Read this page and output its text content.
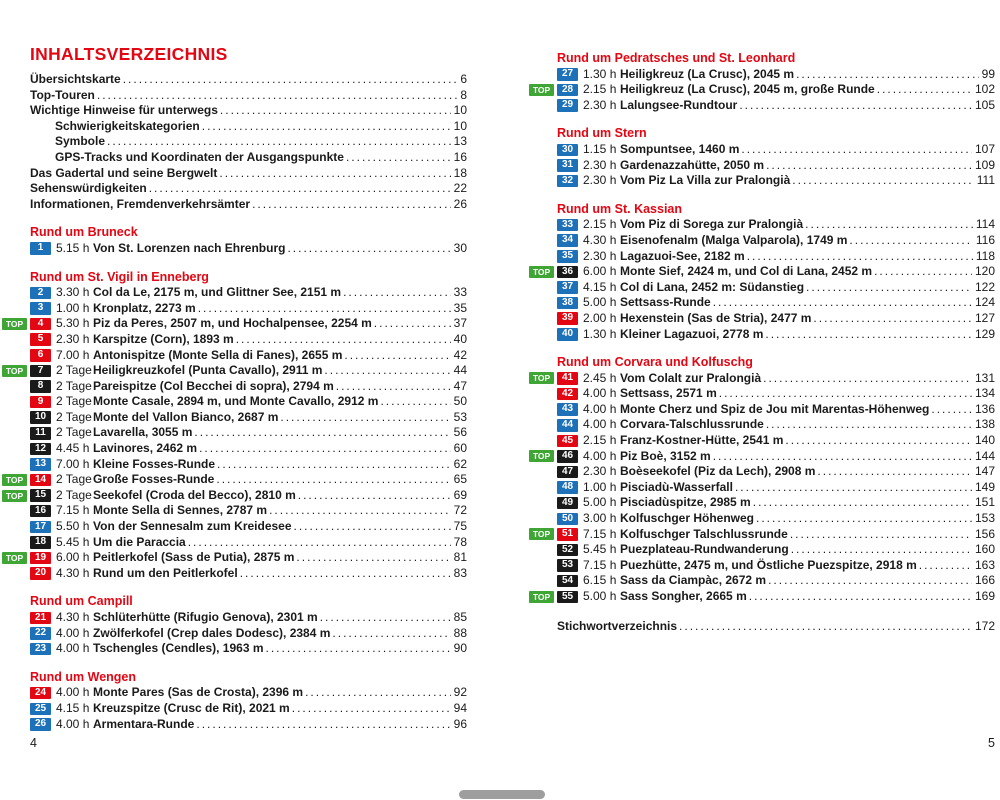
INHALTSVERZEICHNIS
Übersichtskarte .....	6
Top-Touren .....	8
Wichtige Hinweise für unterwegs .....	10
Schwierigkeitskategorien .....	10
Symbole .....	13
GPS-Tracks und Koordinaten der Ausgangspunkte .....	16
Das Gadertal und seine Bergwelt .....	18
Sehenswürdigkeiten .....	22
Informationen, Fremdenverkehrsämter .....	26
Rund um Bruneck
1	5.15 h Von St. Lorenzen nach Ehrenburg .....	30
Rund um St. Vigil in Enneberg
2	3.30 h Col da Le, 2175 m, und Glittner See, 2151 m .....	33
3	1.00 h Kronplatz, 2273 m .....	35
TOP	4	5.30 h Piz da Peres, 2507 m, und Hochalpensee, 2254 m .....	37
5	2.30 h Karspitze (Corn), 1893 m .....	40
6	7.00 h Antonispitze (Monte Sella di Fanes), 2655 m .....	42
TOP	7	2 Tage Heiligkreuzkofel (Punta Cavallo), 2911 m .....	44
8	2 Tage Pareispitze (Col Becchei di sopra), 2794 m .....	47
9	2 Tage Monte Casale, 2894 m, und Monte Cavallo, 2912 m .....	50
10 2 Tage Monte del Vallon Bianco, 2687 m .....	53
11 2 Tage Lavarella, 3055 m .....	56
12 4.45 h Lavinores, 2462 m .....	60
13 7.00 h Kleine Fosses-Runde .....	62
TOP	14 2 Tage Große Fosses-Runde .....	65
TOP	15 2 Tage Seekofel (Croda del Becco), 2810 m .....	69
16 7.15 h Monte Sella di Sennes, 2787 m .....	72
17 5.50 h Von der Sennesalm zum Kreidesee .....	75
18 5.45 h Um die Paraccia .....	78
TOP	19 6.00 h Peitlerkofel (Sass de Putia), 2875 m .....	81
20 4.30 h Rund um den Peitlerkofel .....	83
Rund um Campill
21 4.30 h Schlüterhütte (Rifugio Genova), 2301 m .....	85
22 4.00 h Zwölferkofel (Crep dales Dodesc), 2384 m .....	88
23 4.00 h Tschengles (Cendles), 1963 m .....	90
Rund um Wengen
24 4.00 h Monte Pares (Sas de Crosta), 2396 m .....	92
25 4.15 h Kreuzspitze (Crusc de Rit), 2021 m .....	94
26 4.00 h Armentara-Runde .....	96
Rund um Pedratsches und St. Leonhard
27 1.30 h Heiligkreuz (La Crusc), 2045 m .....	99
TOP	28 2.15 h Heiligkreuz (La Crusc), 2045 m, große Runde .....	102
29 2.30 h Lalungsee-Rundtour .....	105
Rund um Stern
30 1.15 h Sompuntsee, 1460 m .....	107
31 2.30 h Gardenazzahütte, 2050 m .....	109
32 2.30 h Vom Piz La Villa zur Pralongià .....	111
Rund um St. Kassian
33 2.15 h Vom Piz di Sorega zur Pralongià .....	114
34 4.30 h Eisenofenalm (Malga Valparola), 1749 m .....	116
35 2.30 h Lagazuoi-See, 2182 m .....	118
TOP	36 6.00 h Monte Sief, 2424 m, und Col di Lana, 2452 m .....	120
37 4.15 h Col di Lana, 2452 m: Südanstieg .....	122
38 5.00 h Settsass-Runde .....	124
39 2.00 h Hexenstein (Sas de Stria), 2477 m .....	127
40 1.30 h Kleiner Lagazuoi, 2778 m .....	129
Rund um Corvara und Kolfuschg
TOP	41 2.45 h Vom Colalt zur Pralongià .....	131
42 4.00 h Settsass, 2571 m .....	134
43 4.00 h Monte Cherz und Spiz de Jou mit Marentas-Höhenweg .....	136
44 4.00 h Corvara-Talschlussrunde .....	138
45 2.15 h Franz-Kostner-Hütte, 2541 m .....	140
TOP	46 4.00 h Piz Boè, 3152 m .....	144
47 2.30 h Boèseekofel (Piz da Lech), 2908 m .....	147
48 1.00 h Pisciadù-Wasserfall .....	149
49 5.00 h Pisciadùspitze, 2985 m .....	151
50 3.00 h Kolfuschger Höhenweg .....	153
TOP	51 7.15 h Kolfuschger Talschlussrunde .....	156
52 5.45 h Puezplateau-Rundwanderung .....	160
53 7.15 h Puezhütte, 2475 m, und Östliche Puezspitze, 2918 m .....	163
54 6.15 h Sass da Ciampàc, 2672 m .....	166
TOP	55 5.00 h Sass Songher, 2665 m .....	169
Stichwortverzeichnis .....	172
4	5
